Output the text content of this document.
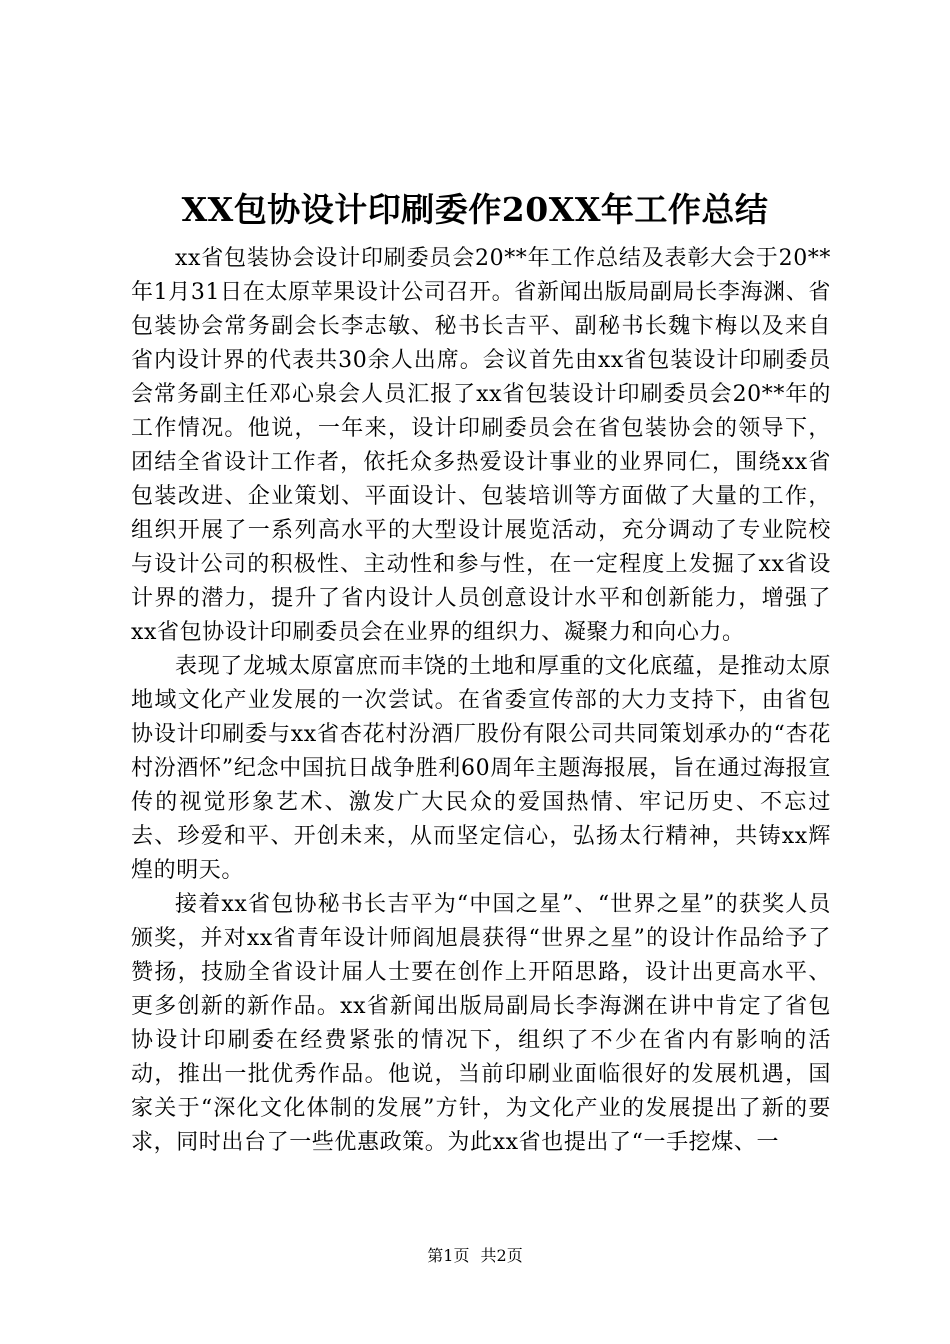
XX包协设计印刷委作20XX年工作总结

xx省包装协会设计印刷委员会20**年工作总结及表彰大会于20**年1月31日在太原苹果设计公司召开。省新闻出版局副局长李海渊、省包装协会常务副会长李志敏、秘书长吉平、副秘书长魏卞梅以及来自省内设计界的代表共30余人出席。会议首先由xx省包装设计印刷委员会常务副主任邓心泉会人员汇报了xx省包装设计印刷委员会20**年的工作情况。他说，一年来，设计印刷委员会在省包装协会的领导下，团结全省设计工作者，依托众多热爱设计事业的业界同仁，围绕xx省包装改进、企业策划、平面设计、包装培训等方面做了大量的工作，组织开展了一系列高水平的大型设计展览活动，充分调动了专业院校与设计公司的积极性、主动性和参与性，在一定程度上发掘了xx省设计界的潜力，提升了省内设计人员创意设计水平和创新能力，增强了xx省包协设计印刷委员会在业界的组织力、凝聚力和向心力。

表现了龙城太原富庶而丰饶的土地和厚重的文化底蕴，是推动太原地域文化产业发展的一次尝试。在省委宣传部的大力支持下，由省包协设计印刷委与xx省杏花村汾酒厂股份有限公司共同策划承办的“杏花村汾酒怀”纪念中国抗日战争胜利60周年主题海报展，旨在通过海报宣传的视觉形象艺术、激发广大民众的爱国热情、牢记历史、不忘过去、珍爱和平、开创未来，从而坚定信心，弘扬太行精神，共铸xx辉煌的明天。

接着xx省包协秘书长吉平为“中国之星”、“世界之星”的获奖人员颁奖，并对xx省青年设计师阎旭晨获得“世界之星”的设计作品给予了赞扬，技励全省设计届人士要在创作上开陌思路，设计出更高水平、更多创新的新作品。xx省新闻出版局副局长李海渊在讲中肯定了省包协设计印刷委在经费紧张的情况下，组织了不少在省内有影响的活动，推出一批优秀作品。他说，当前印刷业面临很好的发展机遇，国家关于“深化文化体制的发展”方针，为文化产业的发展提出了新的要求，同时出台了一些优惠政策。为此xx省也提出了“一手挖煤、一

第1页 共2页
